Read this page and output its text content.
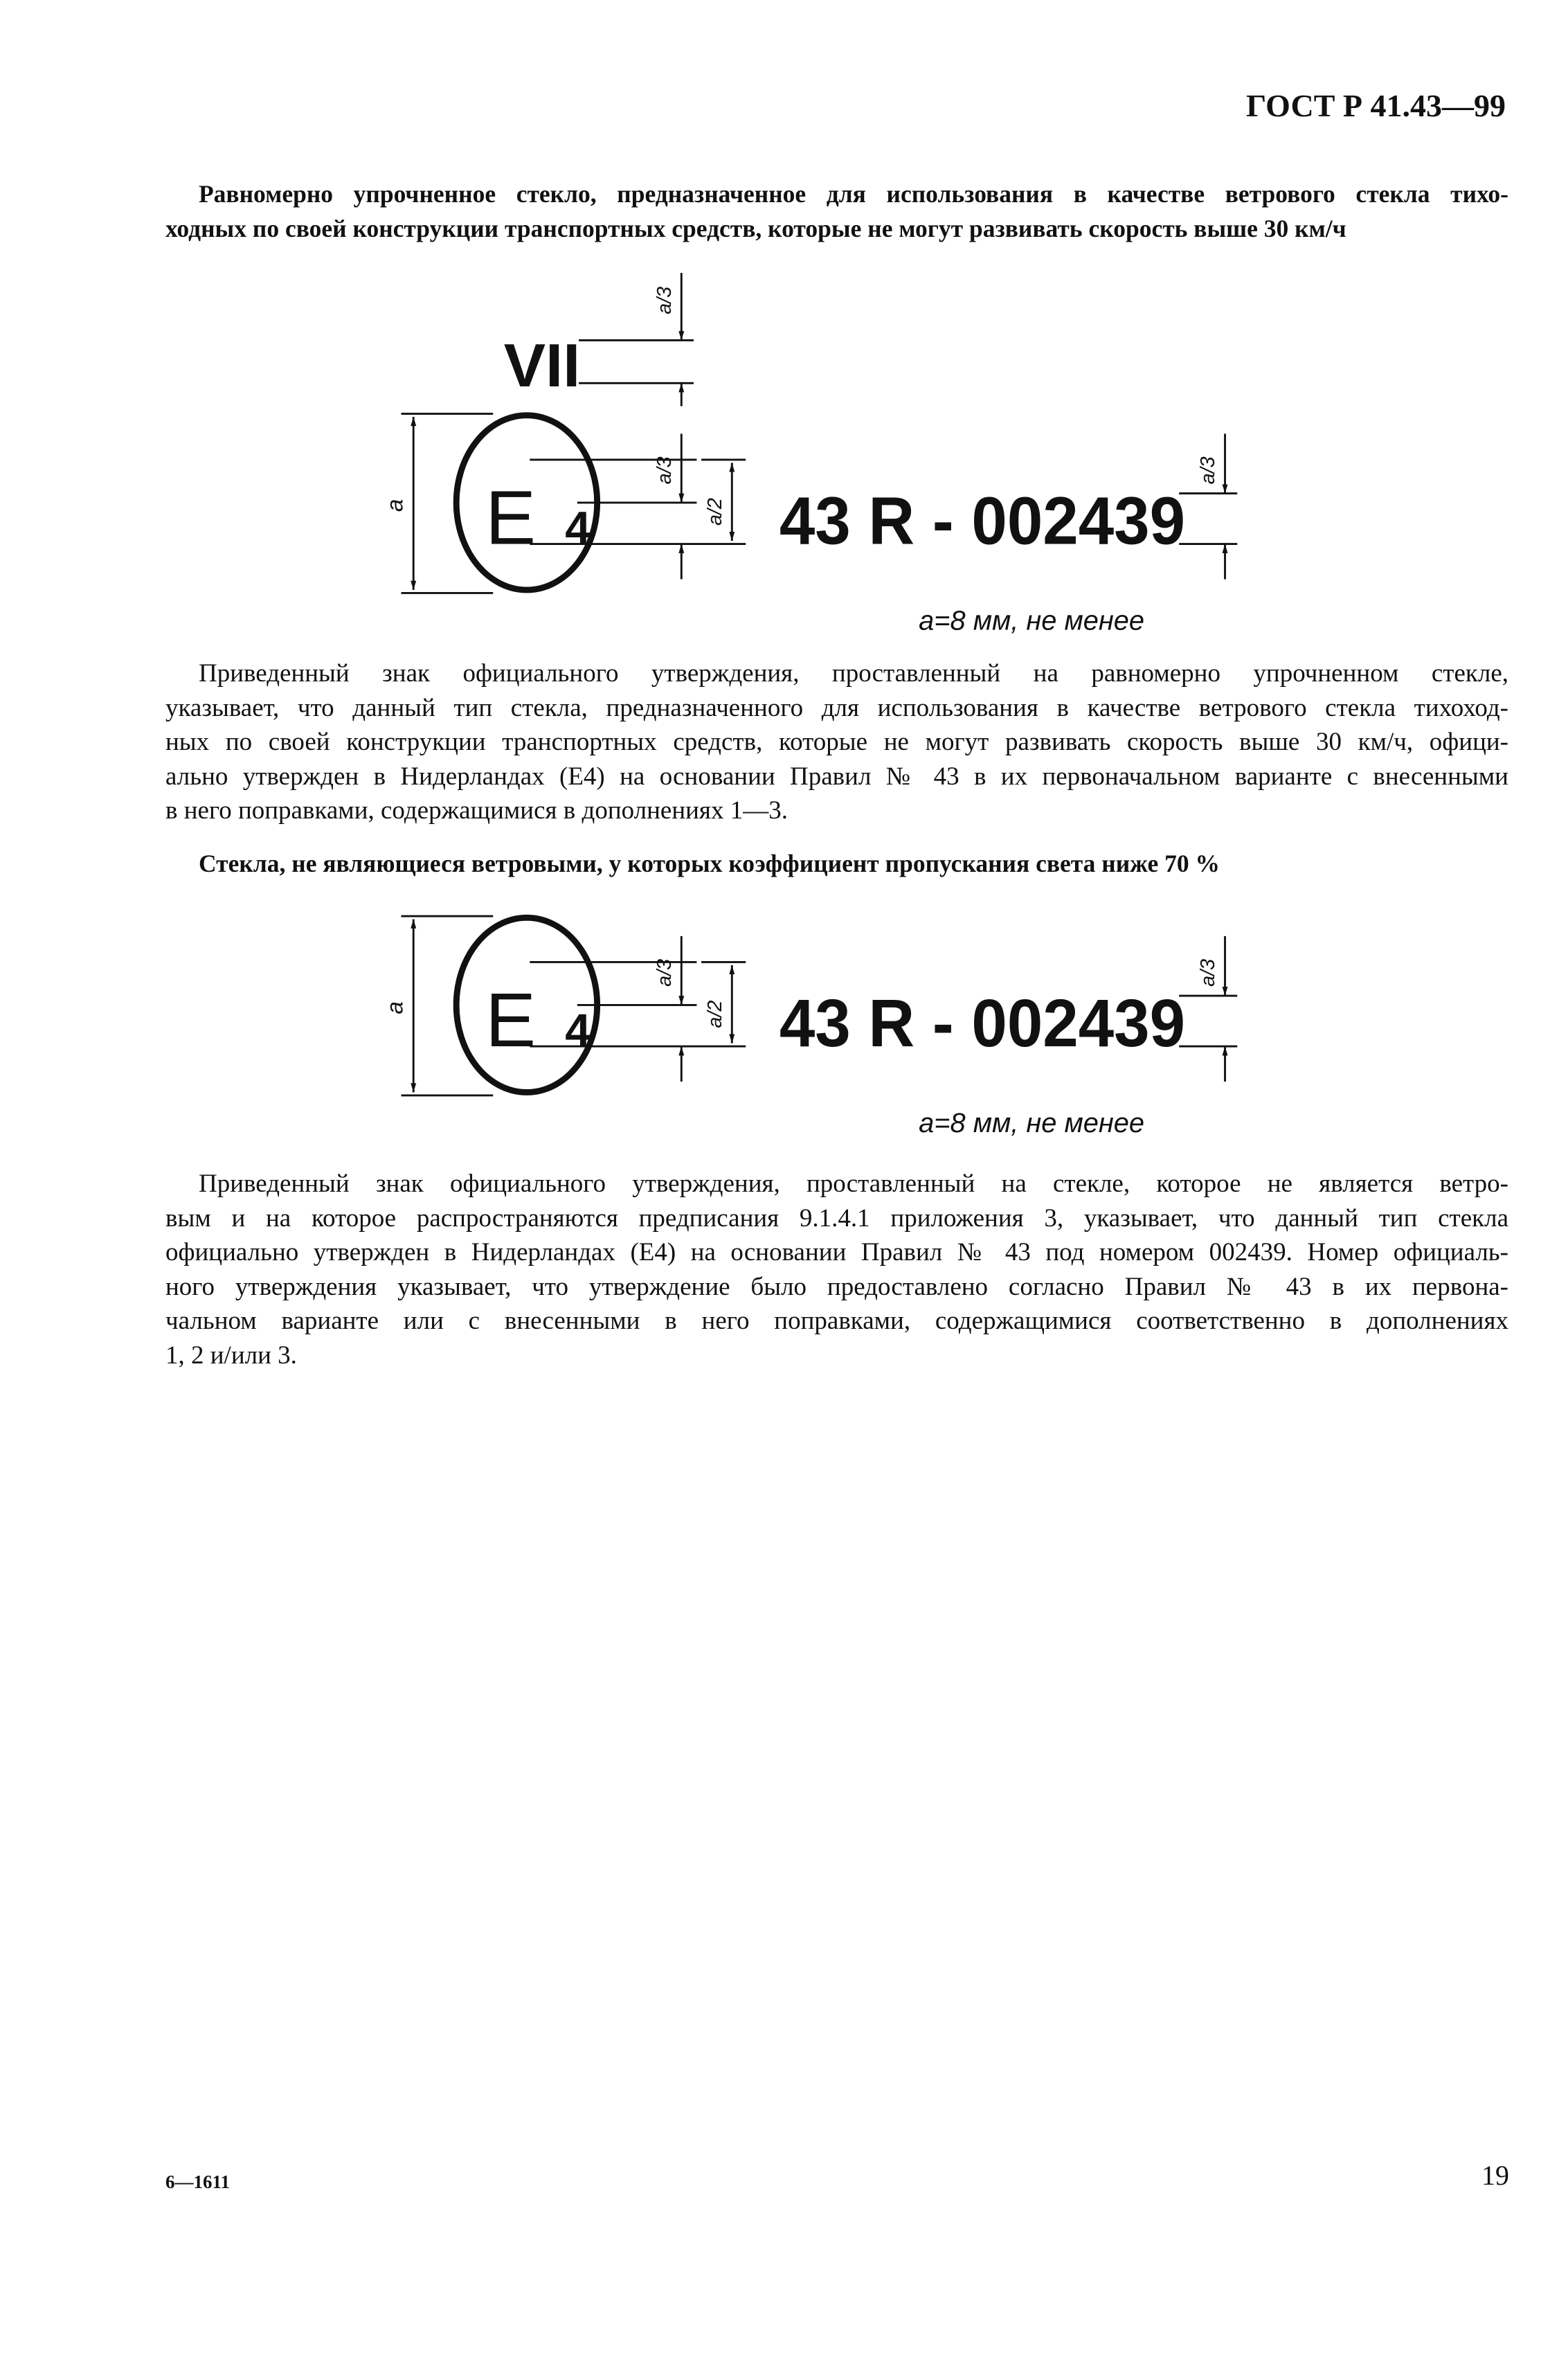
ГОСТ Р 41.43—99
Равномерно упрочненное стекло, предназначенное для использования в качестве ветрового стекла тихо-
ходных по своей конструкции транспортных средств, которые не могут развивать скорость выше 30 км/ч
Приведенный знак официального утверждения, проставленный на равномерно упрочненном стекле,
указывает, что данный тип стекла, предназначенного для использования в качестве ветрового стекла тихоход-
ных по своей конструкции транспортных средств, которые не могут развивать скорость выше 30 км/ч, офици-
ально утвержден в Нидерландах (E4) на основании Правил № 43 в их первоначальном варианте с внесенными
в него поправками, содержащимися в дополнениях 1—3.
Стекла, не являющиеся ветровыми, у которых коэффициент пропускания света ниже 70 %
Приведенный знак официального утверждения, проставленный на стекле, которое не является ветро-
вым и на которое распространяются предписания 9.1.4.1 приложения 3, указывает, что данный тип стекла
официально утвержден в Нидерландах (E4) на основании Правил № 43 под номером 002439. Номер официаль-
ного утверждения указывает, что утверждение было предоставлено согласно Правил № 43 в их первона-
чальном варианте или с внесенными в него поправками, содержащимися соответственно в дополнениях
1, 2 и/или 3.
VII
a/3
a E 4
a/3
a/2 43 R - 002439
a/3
a=8 мм, не менее
a E 4
a/3
a/2 43 R - 002439
a/3
a=8 мм, не менее
6—1611	19
